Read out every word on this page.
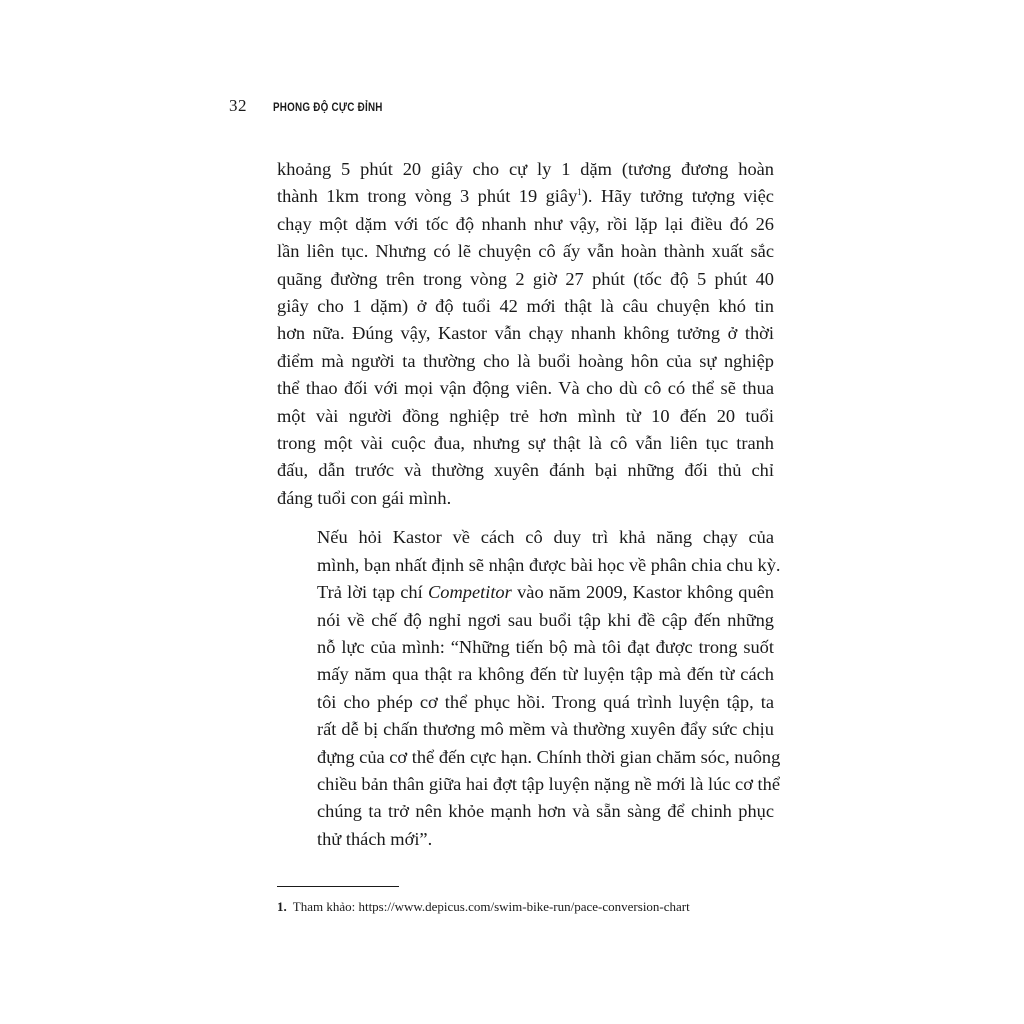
32 PHONG ĐỘ CỰC ĐỈNH

khoảng 5 phút 20 giây cho cự ly 1 dặm (tương đương hoàn
thành 1km trong vòng 3 phút 19 giây$^1$). Hãy tưởng tượng việc
chạy một dặm với tốc độ nhanh như vậy, rồi lặp lại điều đó 26
lần liên tục. Nhưng có lẽ chuyện cô ấy vẫn hoàn thành xuất sắc
quãng đường trên trong vòng 2 giờ 27 phút (tốc độ 5 phút 40
giây cho 1 dặm) ở độ tuổi 42 mới thật là câu chuyện khó tin
hơn nữa. Đúng vậy, Kastor vẫn chạy nhanh không tưởng ở thời
điểm mà người ta thường cho là buổi hoàng hôn của sự nghiệp
thể thao đối với mọi vận động viên. Và cho dù cô có thể sẽ thua
một vài người đồng nghiệp trẻ hơn mình từ 10 đến 20 tuổi
trong một vài cuộc đua, nhưng sự thật là cô vẫn liên tục tranh
đấu, dẫn trước và thường xuyên đánh bại những đối thủ chỉ
đáng tuổi con gái mình.

Nếu hỏi Kastor về cách cô duy trì khả năng chạy của
mình, bạn nhất định sẽ nhận được bài học về phân chia chu kỳ.
Trả lời tạp chí Competitor vào năm 2009, Kastor không quên
nói về chế độ nghỉ ngơi sau buổi tập khi đề cập đến những
nỗ lực của mình: “Những tiến bộ mà tôi đạt được trong suốt
mấy năm qua thật ra không đến từ luyện tập mà đến từ cách
tôi cho phép cơ thể phục hồi. Trong quá trình luyện tập, ta
rất dễ bị chấn thương mô mềm và thường xuyên đẩy sức chịu
đựng của cơ thể đến cực hạn. Chính thời gian chăm sóc, nuông
chiều bản thân giữa hai đợt tập luyện nặng nề mới là lúc cơ thể
chúng ta trở nên khỏe mạnh hơn và sẵn sàng để chinh phục
thử thách mới”.

1. Tham khảo: https://www.depicus.com/swim-bike-run/pace-conversion-chart
